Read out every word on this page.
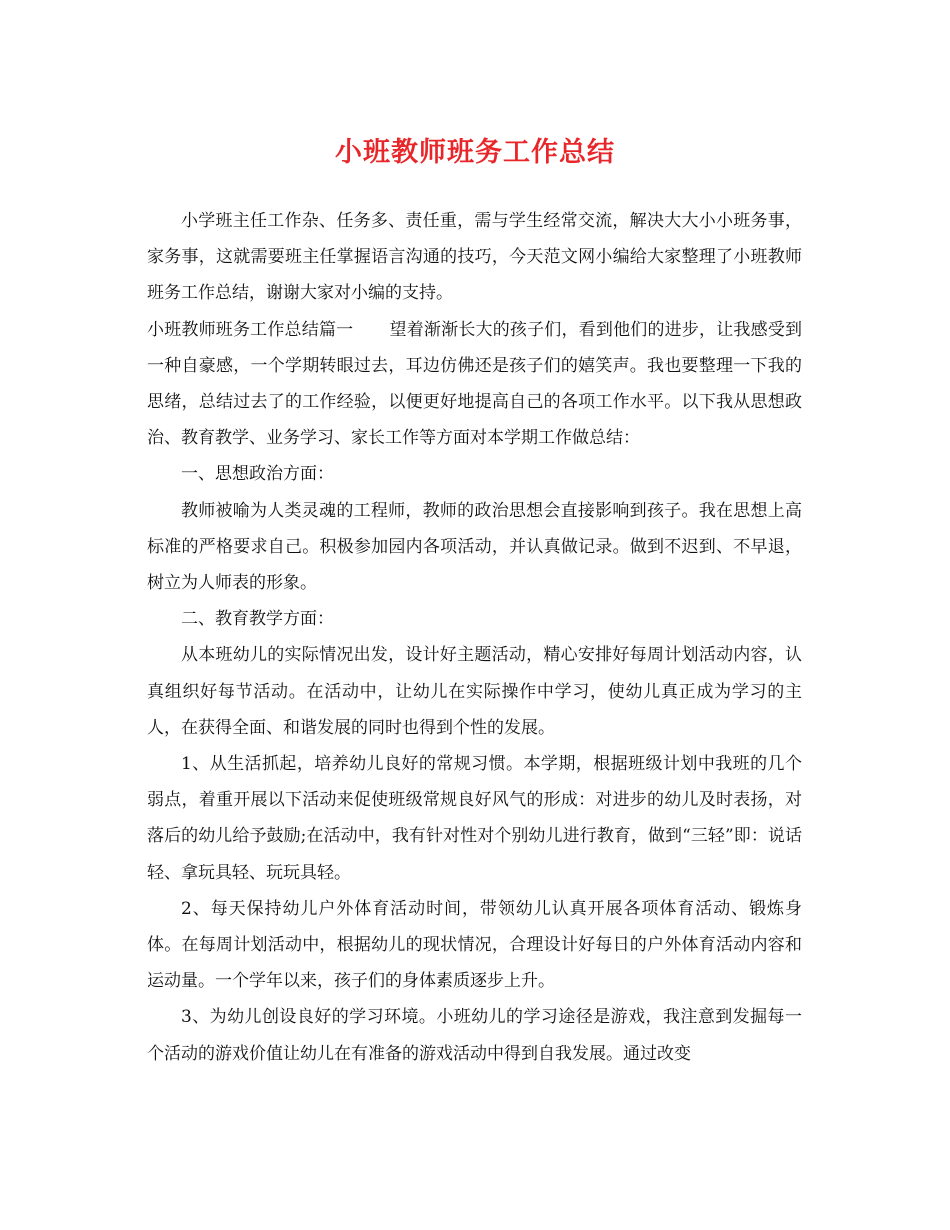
小班教师班务工作总结

小学班主任工作杂、任务多、责任重，需与学生经常交流，解决大大小小班务事，家务事，这就需要班主任掌握语言沟通的技巧，今天范文网小编给大家整理了小班教师班务工作总结，谢谢大家对小编的支持。

小班教师班务工作总结篇一 望着渐渐长大的孩子们，看到他们的进步，让我感受到一种自豪感，一个学期转眼过去，耳边仿佛还是孩子们的嬉笑声。我也要整理一下我的思绪，总结过去了的工作经验，以便更好地提高自己的各项工作水平。以下我从思想政治、教育教学、业务学习、家长工作等方面对本学期工作做总结：

一、思想政治方面：

教师被喻为人类灵魂的工程师，教师的政治思想会直接影响到孩子。我在思想上高标准的严格要求自己。积极参加园内各项活动，并认真做记录。做到不迟到、不早退，树立为人师表的形象。

二、教育教学方面：

从本班幼儿的实际情况出发，设计好主题活动，精心安排好每周计划活动内容，认真组织好每节活动。在活动中，让幼儿在实际操作中学习，使幼儿真正成为学习的主人，在获得全面、和谐发展的同时也得到个性的发展。

1、从生活抓起，培养幼儿良好的常规习惯。本学期，根据班级计划中我班的几个弱点，着重开展以下活动来促使班级常规良好风气的形成：对进步的幼儿及时表扬，对落后的幼儿给予鼓励;在活动中，我有针对性对个别幼儿进行教育，做到“三轻”即：说话轻、拿玩具轻、玩玩具轻。

2、每天保持幼儿户外体育活动时间，带领幼儿认真开展各项体育活动、锻炼身体。在每周计划活动中，根据幼儿的现状情况，合理设计好每日的户外体育活动内容和运动量。一个学年以来，孩子们的身体素质逐步上升。

3、为幼儿创设良好的学习环境。小班幼儿的学习途径是游戏，我注意到发掘每一个活动的游戏价值让幼儿在有准备的游戏活动中得到自我发展。通过改变
